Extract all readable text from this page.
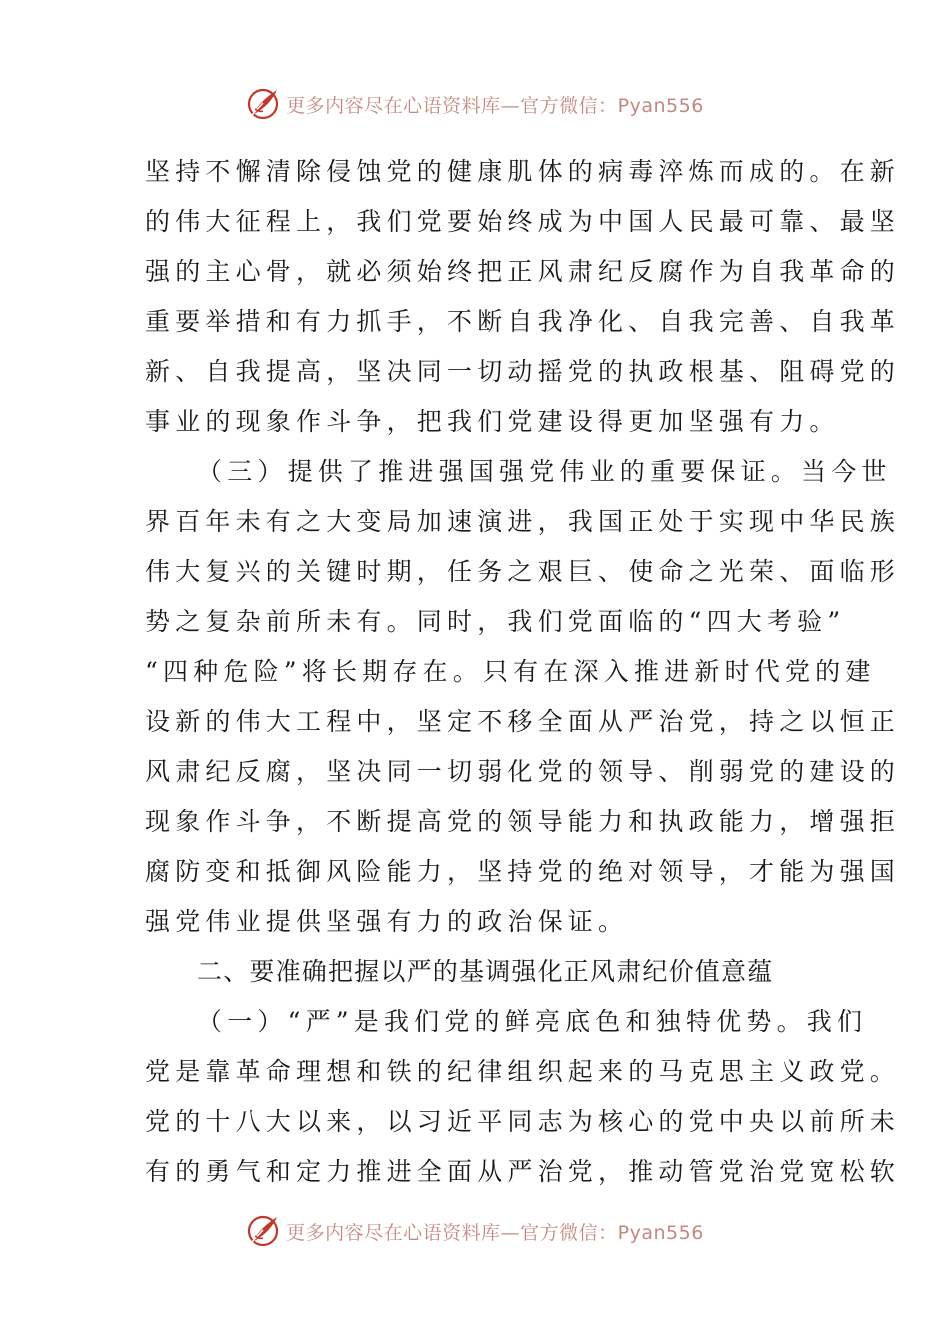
更多内容尽在心语资料库—官方微信：Pyan556
坚持不懈清除侵蚀党的健康肌体的病毒淬炼而成的。在新
的伟大征程上，我们党要始终成为中国人民最可靠、最坚
强的主心骨，就必须始终把正风肃纪反腐作为自我革命的
重要举措和有力抓手，不断自我净化、自我完善、自我革
新、自我提高，坚决同一切动摇党的执政根基、阻碍党的
事业的现象作斗争，把我们党建设得更加坚强有力。
（三）提供了推进强国强党伟业的重要保证。当今世
界百年未有之大变局加速演进，我国正处于实现中华民族
伟大复兴的关键时期，任务之艰巨、使命之光荣、面临形
势之复杂前所未有。同时，我们党面临的“四大考验”
“四种危险”将长期存在。只有在深入推进新时代党的建
设新的伟大工程中，坚定不移全面从严治党，持之以恒正
风肃纪反腐，坚决同一切弱化党的领导、削弱党的建设的
现象作斗争，不断提高党的领导能力和执政能力，增强拒
腐防变和抵御风险能力，坚持党的绝对领导，才能为强国
强党伟业提供坚强有力的政治保证。
二、要准确把握以严的基调强化正风肃纪价值意蕴
（一）“严”是我们党的鲜亮底色和独特优势。我们
党是靠革命理想和铁的纪律组织起来的马克思主义政党。
党的十八大以来，以习近平同志为核心的党中央以前所未
有的勇气和定力推进全面从严治党，推动管党治党宽松软
更多内容尽在心语资料库—官方微信：Pyan556
